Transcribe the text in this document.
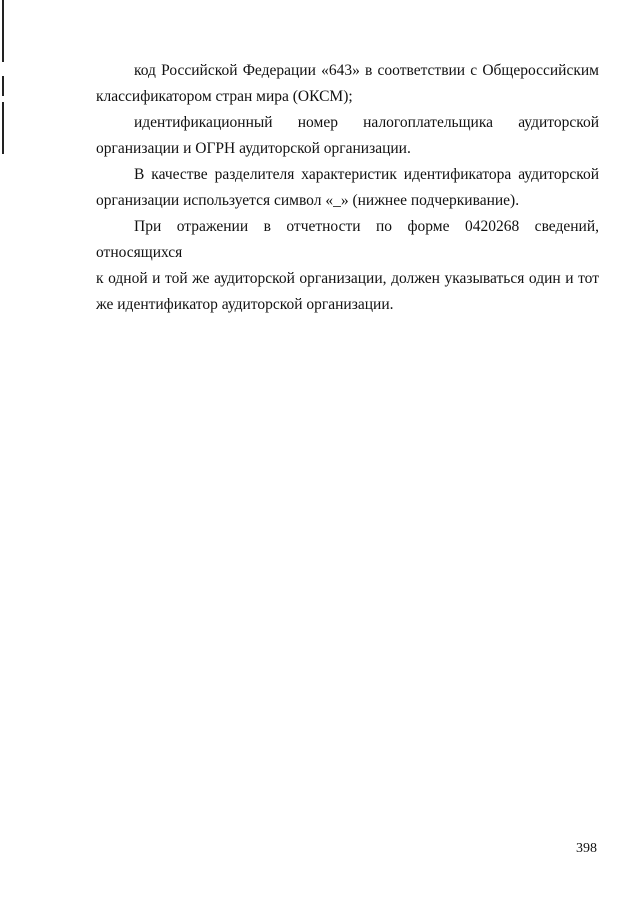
код Российской Федерации «643» в соответствии с Общероссийским
классификатором стран мира (ОКСМ);

идентификационный номер налогоплательщика аудиторской
организации и ОГРН аудиторской организации.

В качестве разделителя характеристик идентификатора аудиторской
организации используется символ «_» (нижнее подчеркивание).

При отражении в отчетности по форме 0420268 сведений, относящихся
к одной и той же аудиторской организации, должен указываться один и тот же идентификатор аудиторской организации.

398
